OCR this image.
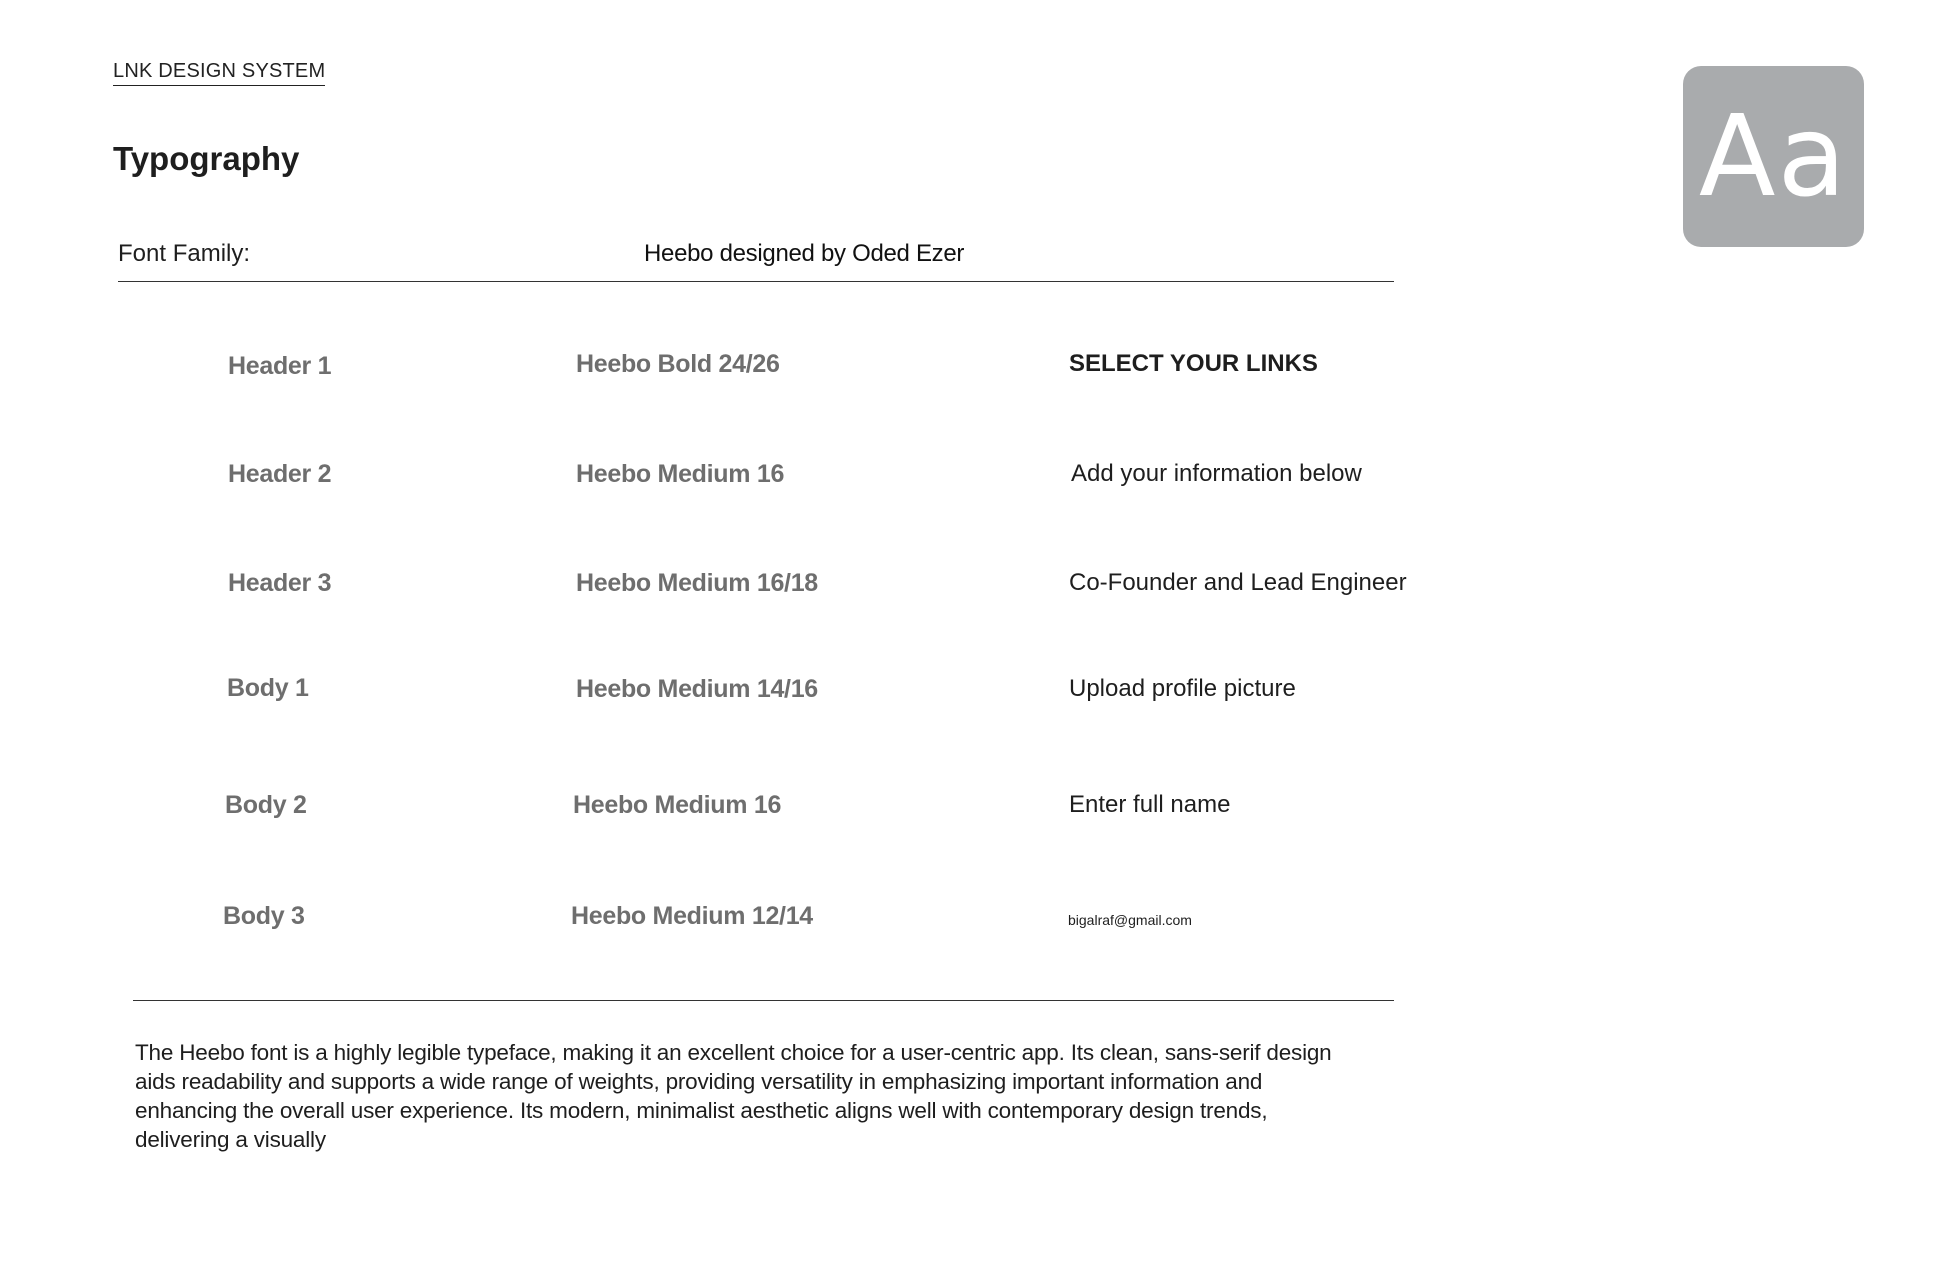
LNK DESIGN SYSTEM
Typography	Aa
Font Family:	Heebo designed by Oded Ezer
Header 1	Heebo Bold 24/26	SELECT YOUR LINKS
Header 2	Heebo Medium 16	Add your information below
Header 3	Heebo Medium 16/18	Co-Founder and Lead Engineer
Body 1	Heebo Medium 14/16	Upload profile picture
Body 2	Heebo Medium 16	Enter full name
Body 3	Heebo Medium 12/14	bigalraf@gmail.com
The Heebo font is a highly legible typeface, making it an excellent choice for a user-centric app. Its clean, sans-serif design aids readability and supports a wide range of weights, providing versatility in emphasizing important information and enhancing the overall user experience. Its modern, minimalist aesthetic aligns well with contemporary design trends, delivering a visually
